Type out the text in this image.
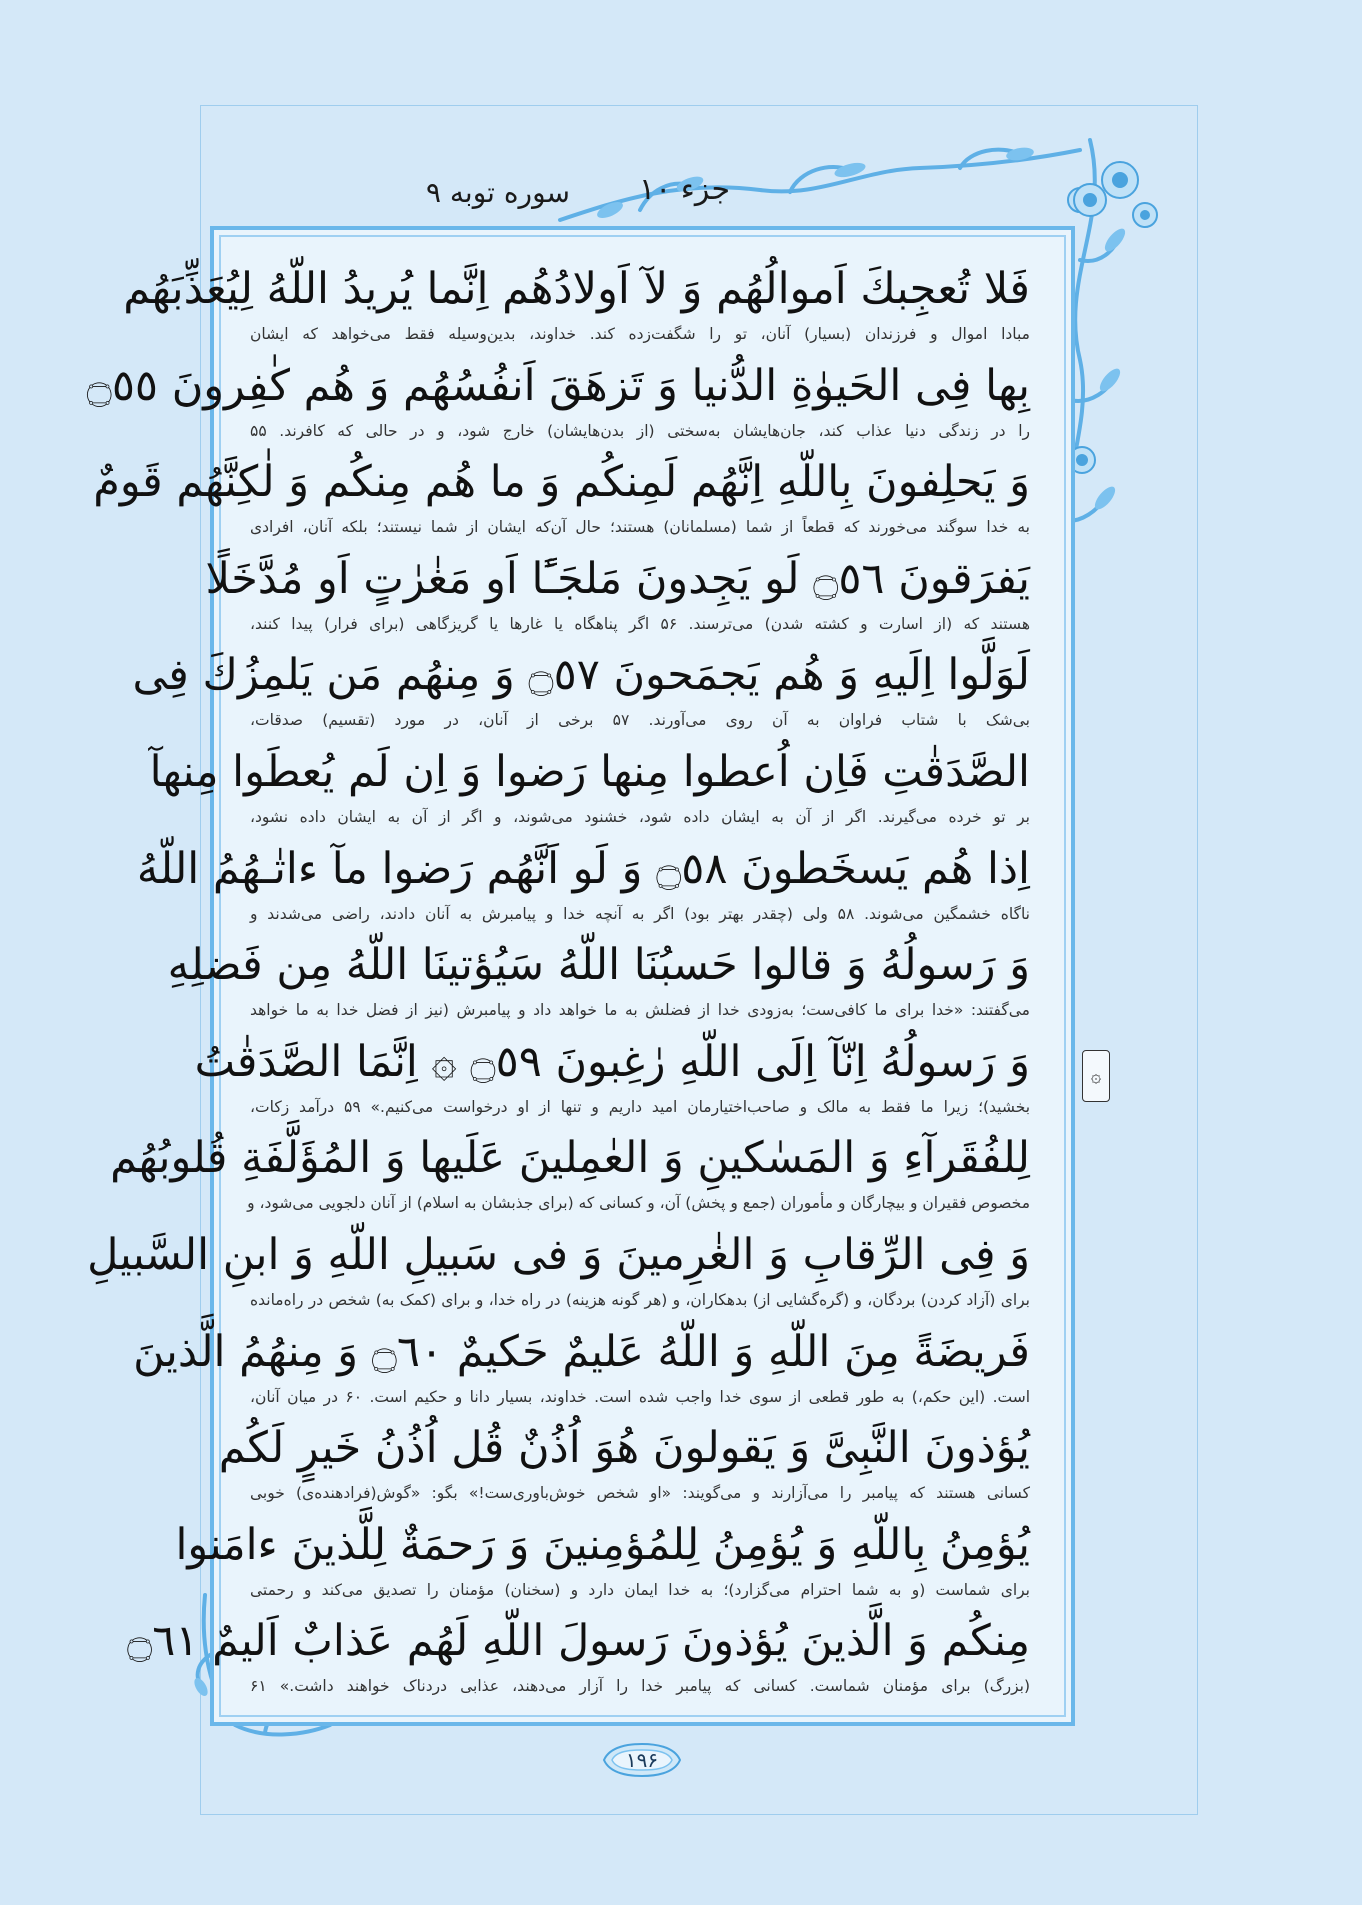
جزء ۱۰
سوره توبه ۹
فَلا تُعجِبكَ اَموالُهُم وَ لآ اَولادُهُم اِنَّما يُريدُ اللّهُ لِيُعَذِّبَهُم
مبادا اموال و فرزندان (بسيار) آنان، تو را شگفت‌زده کند. خداوند، بدين‌وسيله فقط می‌خواهد که ايشان
بِها فِى الحَيوٰةِ الدُّنيا وَ تَزهَقَ اَنفُسُهُم وَ هُم كٰفِرونَ ۝٥٥
را در زندگی دنيا عذاب کند، جان‌هايشان به‌سختی (از بدن‌هايشان) خارج شود، و در حالی که کافرند. ۵۵
وَ يَحلِفونَ بِاللّهِ اِنَّهُم لَمِنكُم وَ ما هُم مِنكُم وَ لٰكِنَّهُم قَومٌ
به خدا سوگند می‌خورند که قطعاً از شما (مسلمانان) هستند؛ حال آن‌که ايشان از شما نيستند؛ بلکه آنان، افرادی
يَفرَقونَ ۝٥٦ لَو يَجِدونَ مَلجَـًٔا اَو مَغٰرٰتٍ اَو مُدَّخَلًا
هستند که (از اسارت و کشته شدن) می‌ترسند. ۵۶ اگر پناهگاه يا غارها يا گريزگاهی (برای فرار) پيدا کنند،
لَوَلَّوا اِلَيهِ وَ هُم يَجمَحونَ ۝٥٧ وَ مِنهُم مَن يَلمِزُكَ فِى
بی‌شک با شتاب فراوان به آن روی می‌آورند. ۵۷ برخی از آنان، در مورد (تقسيم) صدقات،
الصَّدَقٰتِ فَاِن اُعطوا مِنها رَضوا وَ اِن لَم يُعطَوا مِنهآ
بر تو خرده می‌گيرند. اگر از آن به ايشان داده شود، خشنود می‌شوند، و اگر از آن به ايشان داده نشود،
اِذا هُم يَسخَطونَ ۝٥٨ وَ لَو اَنَّهُم رَضوا مآ ءاتٰـهُمُ اللّهُ
ناگاه خشمگين می‌شوند. ۵۸ ولی (چقدر بهتر بود) اگر به آنچه خدا و پيامبرش به آنان دادند، راضی می‌شدند و
وَ رَسولُهُ وَ قالوا حَسبُنَا اللّهُ سَيُؤتينَا اللّهُ مِن فَضلِهِ
می‌گفتند: «خدا برای ما کافی‌ست؛ به‌زودی خدا از فضلش به ما خواهد داد و پيامبرش (نيز از فضل خدا به ما خواهد
وَ رَسولُهُ اِنّآ اِلَى اللّهِ رٰغِبونَ ۝٥٩ ۞ اِنَّمَا الصَّدَقٰتُ
بخشيد)؛ زيرا ما فقط به مالک و صاحب‌اختيارمان اميد داريم و تنها از او درخواست می‌کنيم.» ۵۹ درآمد زکات،
لِلفُقَرآءِ وَ المَسٰكينِ وَ العٰمِلينَ عَلَيها وَ المُؤَلَّفَةِ قُلوبُهُم
مخصوص فقيران و بيچارگان و مأموران (جمع و پخش) آن، و کسانی که (برای جذبشان به اسلام) از آنان دلجويی می‌شود، و
وَ فِى الرِّقابِ وَ الغٰرِمينَ وَ فى سَبيلِ اللّهِ وَ ابنِ السَّبيلِ
برای (آزاد کردن) بردگان، و (گره‌گشايی از) بدهکاران، و (هر گونه هزينه) در راه خدا، و برای (کمک به) شخص در راه‌مانده
فَريضَةً مِنَ اللّهِ وَ اللّهُ عَليمٌ حَكيمٌ ۝٦٠ وَ مِنهُمُ الَّذينَ
است. (اين حکم،) به طور قطعی از سوی خدا واجب شده است. خداوند، بسيار دانا و حکيم است. ۶۰ در ميان آنان،
يُؤذونَ النَّبِىَّ وَ يَقولونَ هُوَ اُذُنٌ قُل اُذُنُ خَيرٍ لَكُم
کسانی هستند که پيامبر را می‌آزارند و می‌گويند: «او شخص خوش‌باوری‌ست!» بگو: «گوش(فرادهنده‌ی) خوبی
يُؤمِنُ بِاللّهِ وَ يُؤمِنُ لِلمُؤمِنينَ وَ رَحمَةٌ لِلَّذينَ ءامَنوا
برای شماست (و به شما احترام می‌گزارد)؛ به خدا ايمان دارد و (سخنان) مؤمنان را تصديق می‌کند و رحمتی
مِنكُم وَ الَّذينَ يُؤذونَ رَسولَ اللّهِ لَهُم عَذابٌ اَليمٌ ۝٦١
(بزرگ) برای مؤمنان شماست. کسانی که پيامبر خدا را آزار می‌دهند، عذابی دردناک خواهند داشت.» ۶۱
۞
۱۹۶
